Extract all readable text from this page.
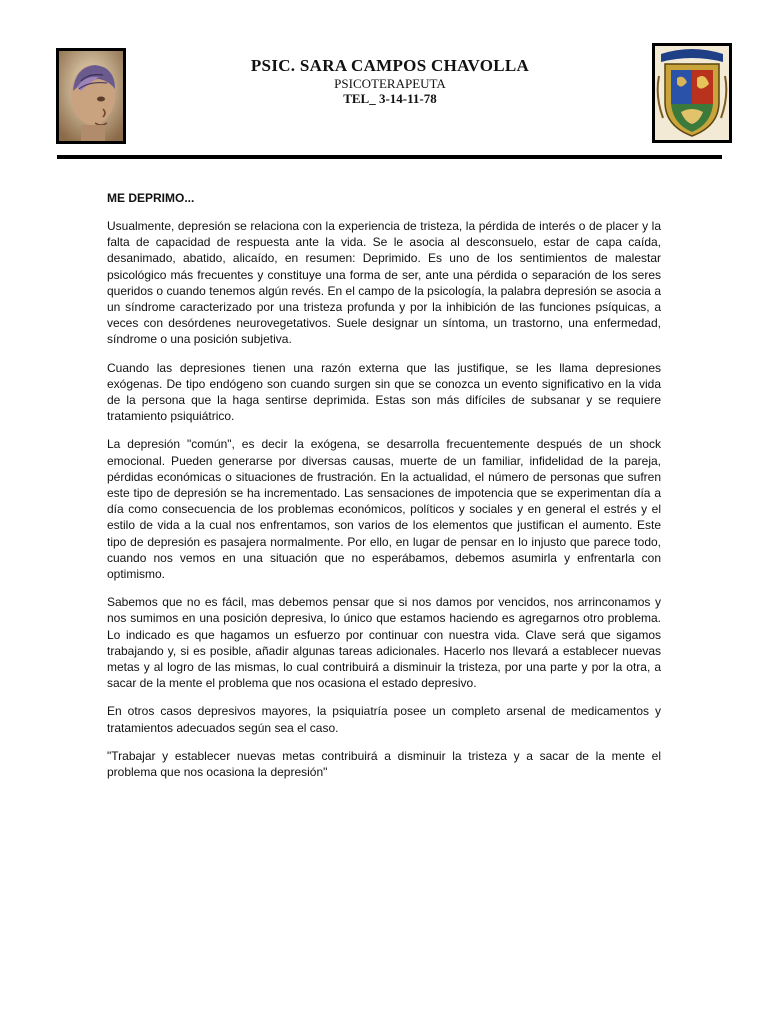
PSIC. SARA CAMPOS CHAVOLLA
PSICOTERAPEUTA
TEL_ 3-14-11-78
ME DEPRIMO...

Usualmente, depresión se relaciona con la experiencia de tristeza, la pérdida de interés o de placer y la falta de capacidad de respuesta ante la vida. Se le asocia al desconsuelo, estar de capa caída, desanimado, abatido, alicaído, en resumen: Deprimido. Es uno de los sentimientos de malestar psicológico más frecuentes y constituye una forma de ser, ante una pérdida o separación de los seres queridos o cuando tenemos algún revés. En el campo de la psicología, la palabra depresión se asocia a un síndrome caracterizado por una tristeza profunda y por la inhibición de las funciones psíquicas, a veces con desórdenes neurovegetativos. Suele designar un síntoma, un trastorno, una enfermedad, síndrome o una posición subjetiva.

Cuando las depresiones tienen una razón externa que las justifique, se les llama depresiones exógenas. De tipo endógeno son cuando surgen sin que se conozca un evento significativo en la vida de la persona que la haga sentirse deprimida. Estas son más difíciles de subsanar y se requiere tratamiento psiquiátrico.

La depresión "común", es decir la exógena, se desarrolla frecuentemente después de un shock emocional. Pueden generarse por diversas causas, muerte de un familiar, infidelidad de la pareja, pérdidas económicas o situaciones de frustración. En la actualidad, el número de personas que sufren este tipo de depresión se ha incrementado. Las sensaciones de impotencia que se experimentan día a día como consecuencia de los problemas económicos, políticos y sociales y en general el estrés y el estilo de vida a la cual nos enfrentamos, son varios de los elementos que justifican el aumento. Este tipo de depresión es pasajera normalmente. Por ello, en lugar de pensar en lo injusto que parece todo, cuando nos vemos en una situación que no esperábamos, debemos asumirla y enfrentarla con optimismo.

Sabemos que no es fácil, mas debemos pensar que si nos damos por vencidos, nos arrinconamos y nos sumimos en una posición depresiva, lo único que estamos haciendo es agregarnos otro problema. Lo indicado es que hagamos un esfuerzo por continuar con nuestra vida. Clave será que sigamos trabajando y, si es posible, añadir algunas tareas adicionales. Hacerlo nos llevará a establecer nuevas metas y al logro de las mismas, lo cual contribuirá a disminuir la tristeza, por una parte y por la otra, a sacar de la mente el problema que nos ocasiona el estado depresivo.

En otros casos depresivos mayores, la psiquiatría posee un completo arsenal de medicamentos y tratamientos adecuados según sea el caso.

"Trabajar y establecer nuevas metas contribuirá a disminuir la tristeza y a sacar de la mente el problema que nos ocasiona la depresión"
